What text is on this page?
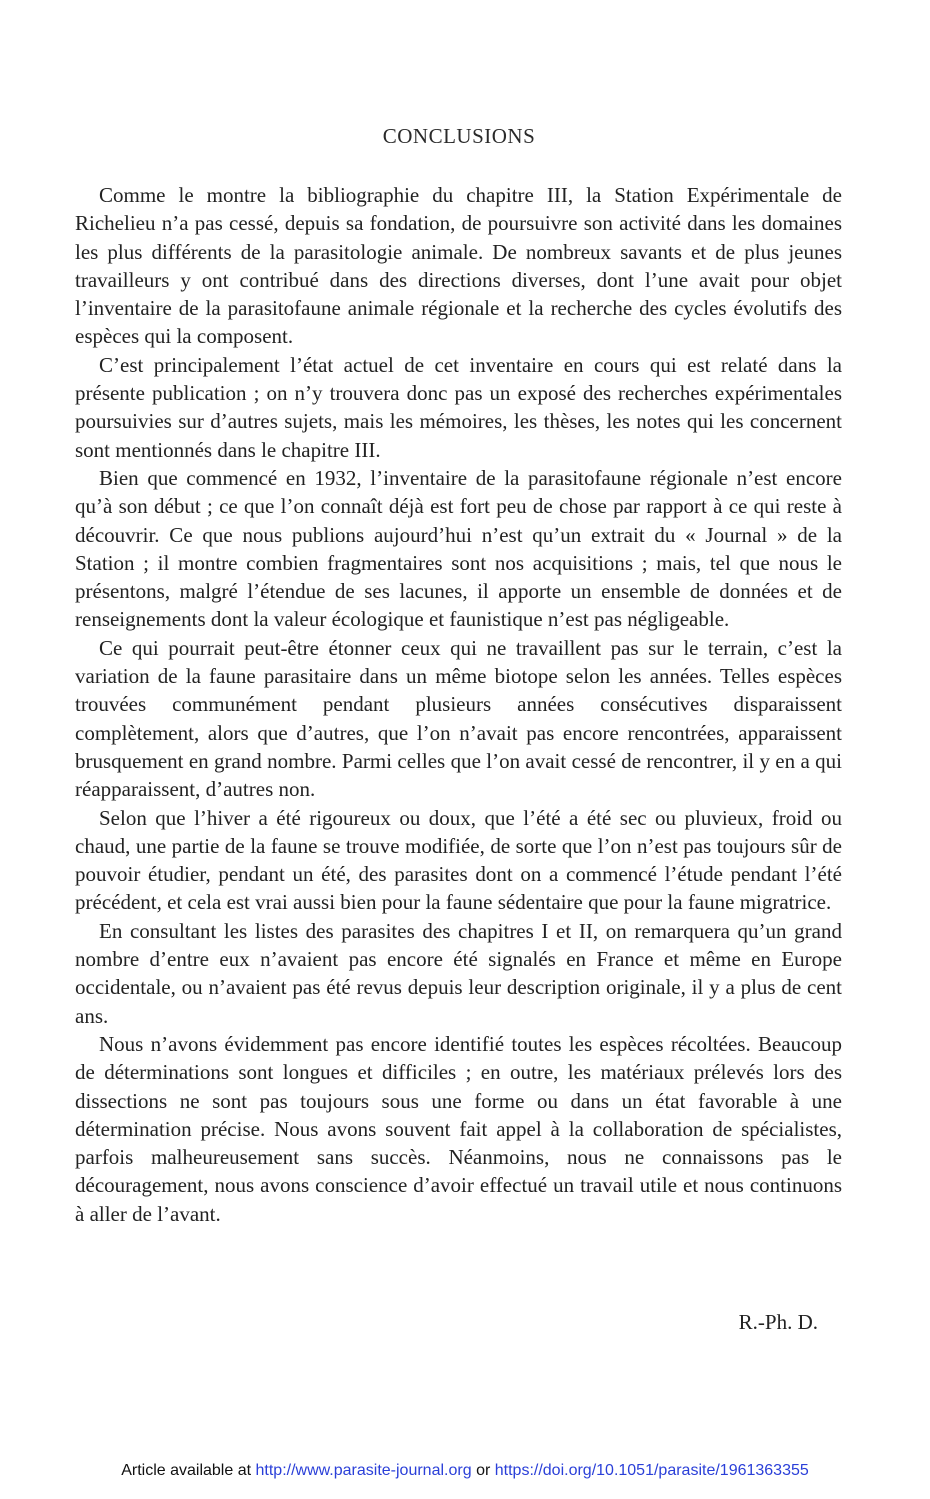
CONCLUSIONS

Comme le montre la bibliographie du chapitre III, la Station Expérimentale de Richelieu n’a pas cessé, depuis sa fondation, de poursuivre son activité dans les domaines les plus différents de la parasitologie animale. De nombreux savants et de plus jeunes travailleurs y ont contribué dans des directions diverses, dont l’une avait pour objet l’inventaire de la parasitofaune animale régionale et la recherche des cycles évolutifs des espèces qui la composent.

C’est principalement l’état actuel de cet inventaire en cours qui est relaté dans la présente publication ; on n’y trouvera donc pas un exposé des recherches expérimentales poursuivies sur d’autres sujets, mais les mémoires, les thèses, les notes qui les concernent sont mentionnés dans le chapitre III.

Bien que commencé en 1932, l’inventaire de la parasitofaune régionale n’est encore qu’à son début ; ce que l’on connaît déjà est fort peu de chose par rapport à ce qui reste à découvrir. Ce que nous publions aujourd’hui n’est qu’un extrait du « Journal » de la Station ; il montre combien fragmentaires sont nos acquisitions ; mais, tel que nous le présentons, malgré l’étendue de ses lacunes, il apporte un ensemble de données et de renseignements dont la valeur écologique et faunistique n’est pas négligeable.

Ce qui pourrait peut-être étonner ceux qui ne travaillent pas sur le terrain, c’est la variation de la faune parasitaire dans un même biotope selon les années. Telles espèces trouvées communément pendant plusieurs années consécutives disparaissent complètement, alors que d’autres, que l’on n’avait pas encore rencontrées, apparaissent brusquement en grand nombre. Parmi celles que l’on avait cessé de rencontrer, il y en a qui réapparaissent, d’autres non.

Selon que l’hiver a été rigoureux ou doux, que l’été a été sec ou pluvieux, froid ou chaud, une partie de la faune se trouve modifiée, de sorte que l’on n’est pas toujours sûr de pouvoir étudier, pendant un été, des parasites dont on a commencé l’étude pendant l’été précédent, et cela est vrai aussi bien pour la faune sédentaire que pour la faune migratrice.

En consultant les listes des parasites des chapitres I et II, on remarquera qu’un grand nombre d’entre eux n’avaient pas encore été signalés en France et même en Europe occidentale, ou n’avaient pas été revus depuis leur description originale, il y a plus de cent ans.

Nous n’avons évidemment pas encore identifié toutes les espèces récoltées. Beaucoup de déterminations sont longues et difficiles ; en outre, les matériaux prélevés lors des dissections ne sont pas toujours sous une forme ou dans un état favorable à une détermination précise. Nous avons souvent fait appel à la collaboration de spécialistes, parfois malheureusement sans succès. Néanmoins, nous ne connaissons pas le découragement, nous avons conscience d’avoir effectué un travail utile et nous continuons à aller de l’avant.

R.-Ph. D.
Article available at http://www.parasite-journal.org or https://doi.org/10.1051/parasite/1961363355
